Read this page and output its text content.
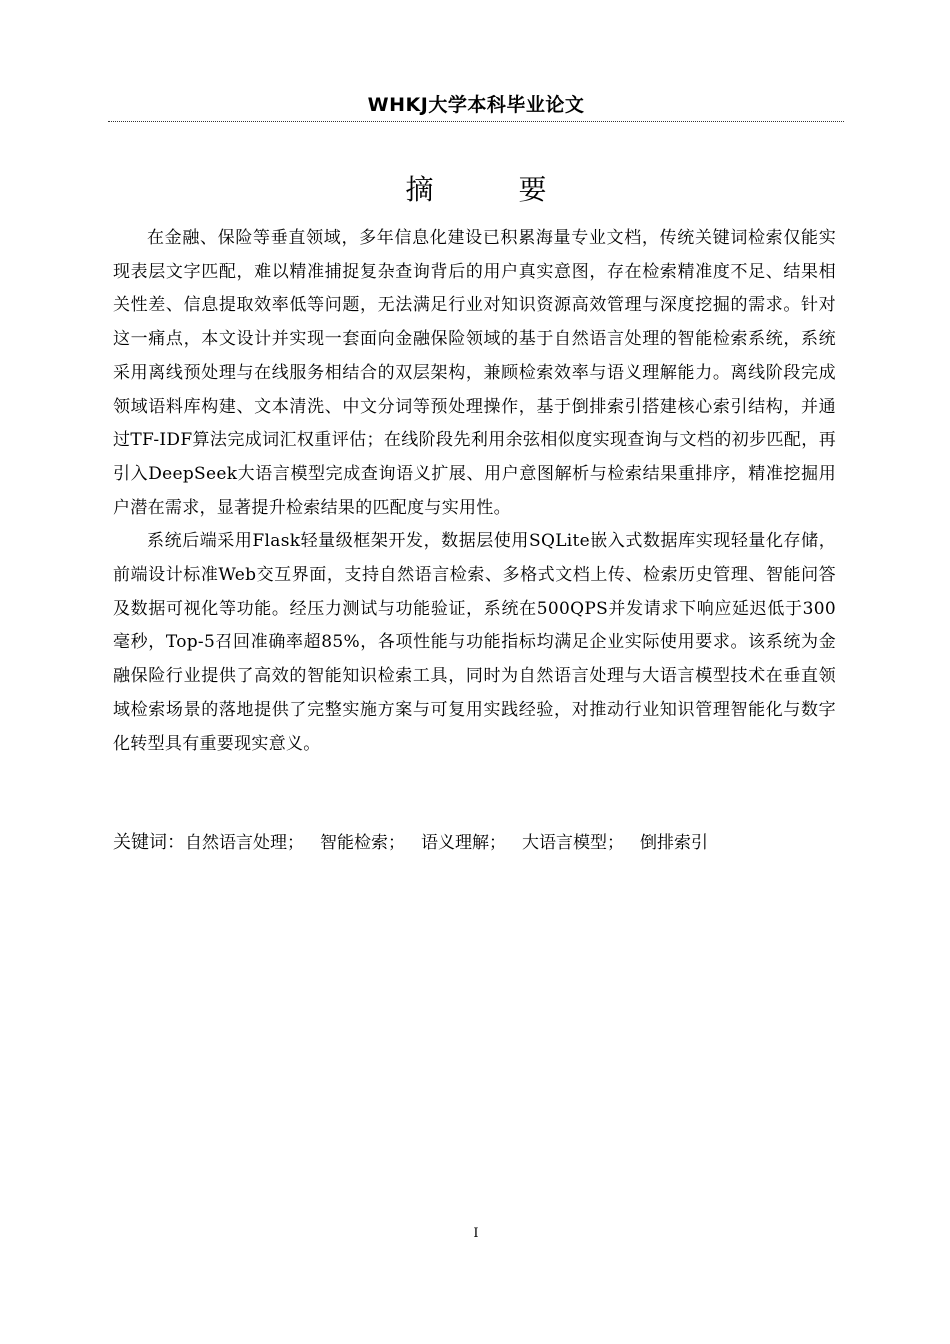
WHKJ大学本科毕业论文
摘 要

在金融、保险等垂直领域，多年信息化建设已积累海量专业文档，传统关键词检索仅能实现表层文字匹配，难以精准捕捉复杂查询背后的用户真实意图，存在检索精准度不足、结果相关性差、信息提取效率低等问题，无法满足行业对知识资源高效管理与深度挖掘的需求。针对这一痛点，本文设计并实现一套面向金融保险领域的基于自然语言处理的智能检索系统，系统采用离线预处理与在线服务相结合的双层架构，兼顾检索效率与语义理解能力。离线阶段完成领域语料库构建、文本清洗、中文分词等预处理操作，基于倒排索引搭建核心索引结构，并通过TF-IDF算法完成词汇权重评估；在线阶段先利用余弦相似度实现查询与文档的初步匹配，再引入DeepSeek大语言模型完成查询语义扩展、用户意图解析与检索结果重排序，精准挖掘用户潜在需求，显著提升检索结果的匹配度与实用性。

系统后端采用Flask轻量级框架开发，数据层使用SQLite嵌入式数据库实现轻量化存储，前端设计标准Web交互界面，支持自然语言检索、多格式文档上传、检索历史管理、智能问答及数据可视化等功能。经压力测试与功能验证，系统在500QPS并发请求下响应延迟低于300毫秒，Top-5召回准确率超85%，各项性能与功能指标均满足企业实际使用要求。该系统为金融保险行业提供了高效的智能知识检索工具，同时为自然语言处理与大语言模型技术在垂直领域检索场景的落地提供了完整实施方案与可复用实践经验，对推动行业知识管理智能化与数字化转型具有重要现实意义。

关键词：自然语言处理； 智能检索； 语义理解； 大语言模型； 倒排索引
I
